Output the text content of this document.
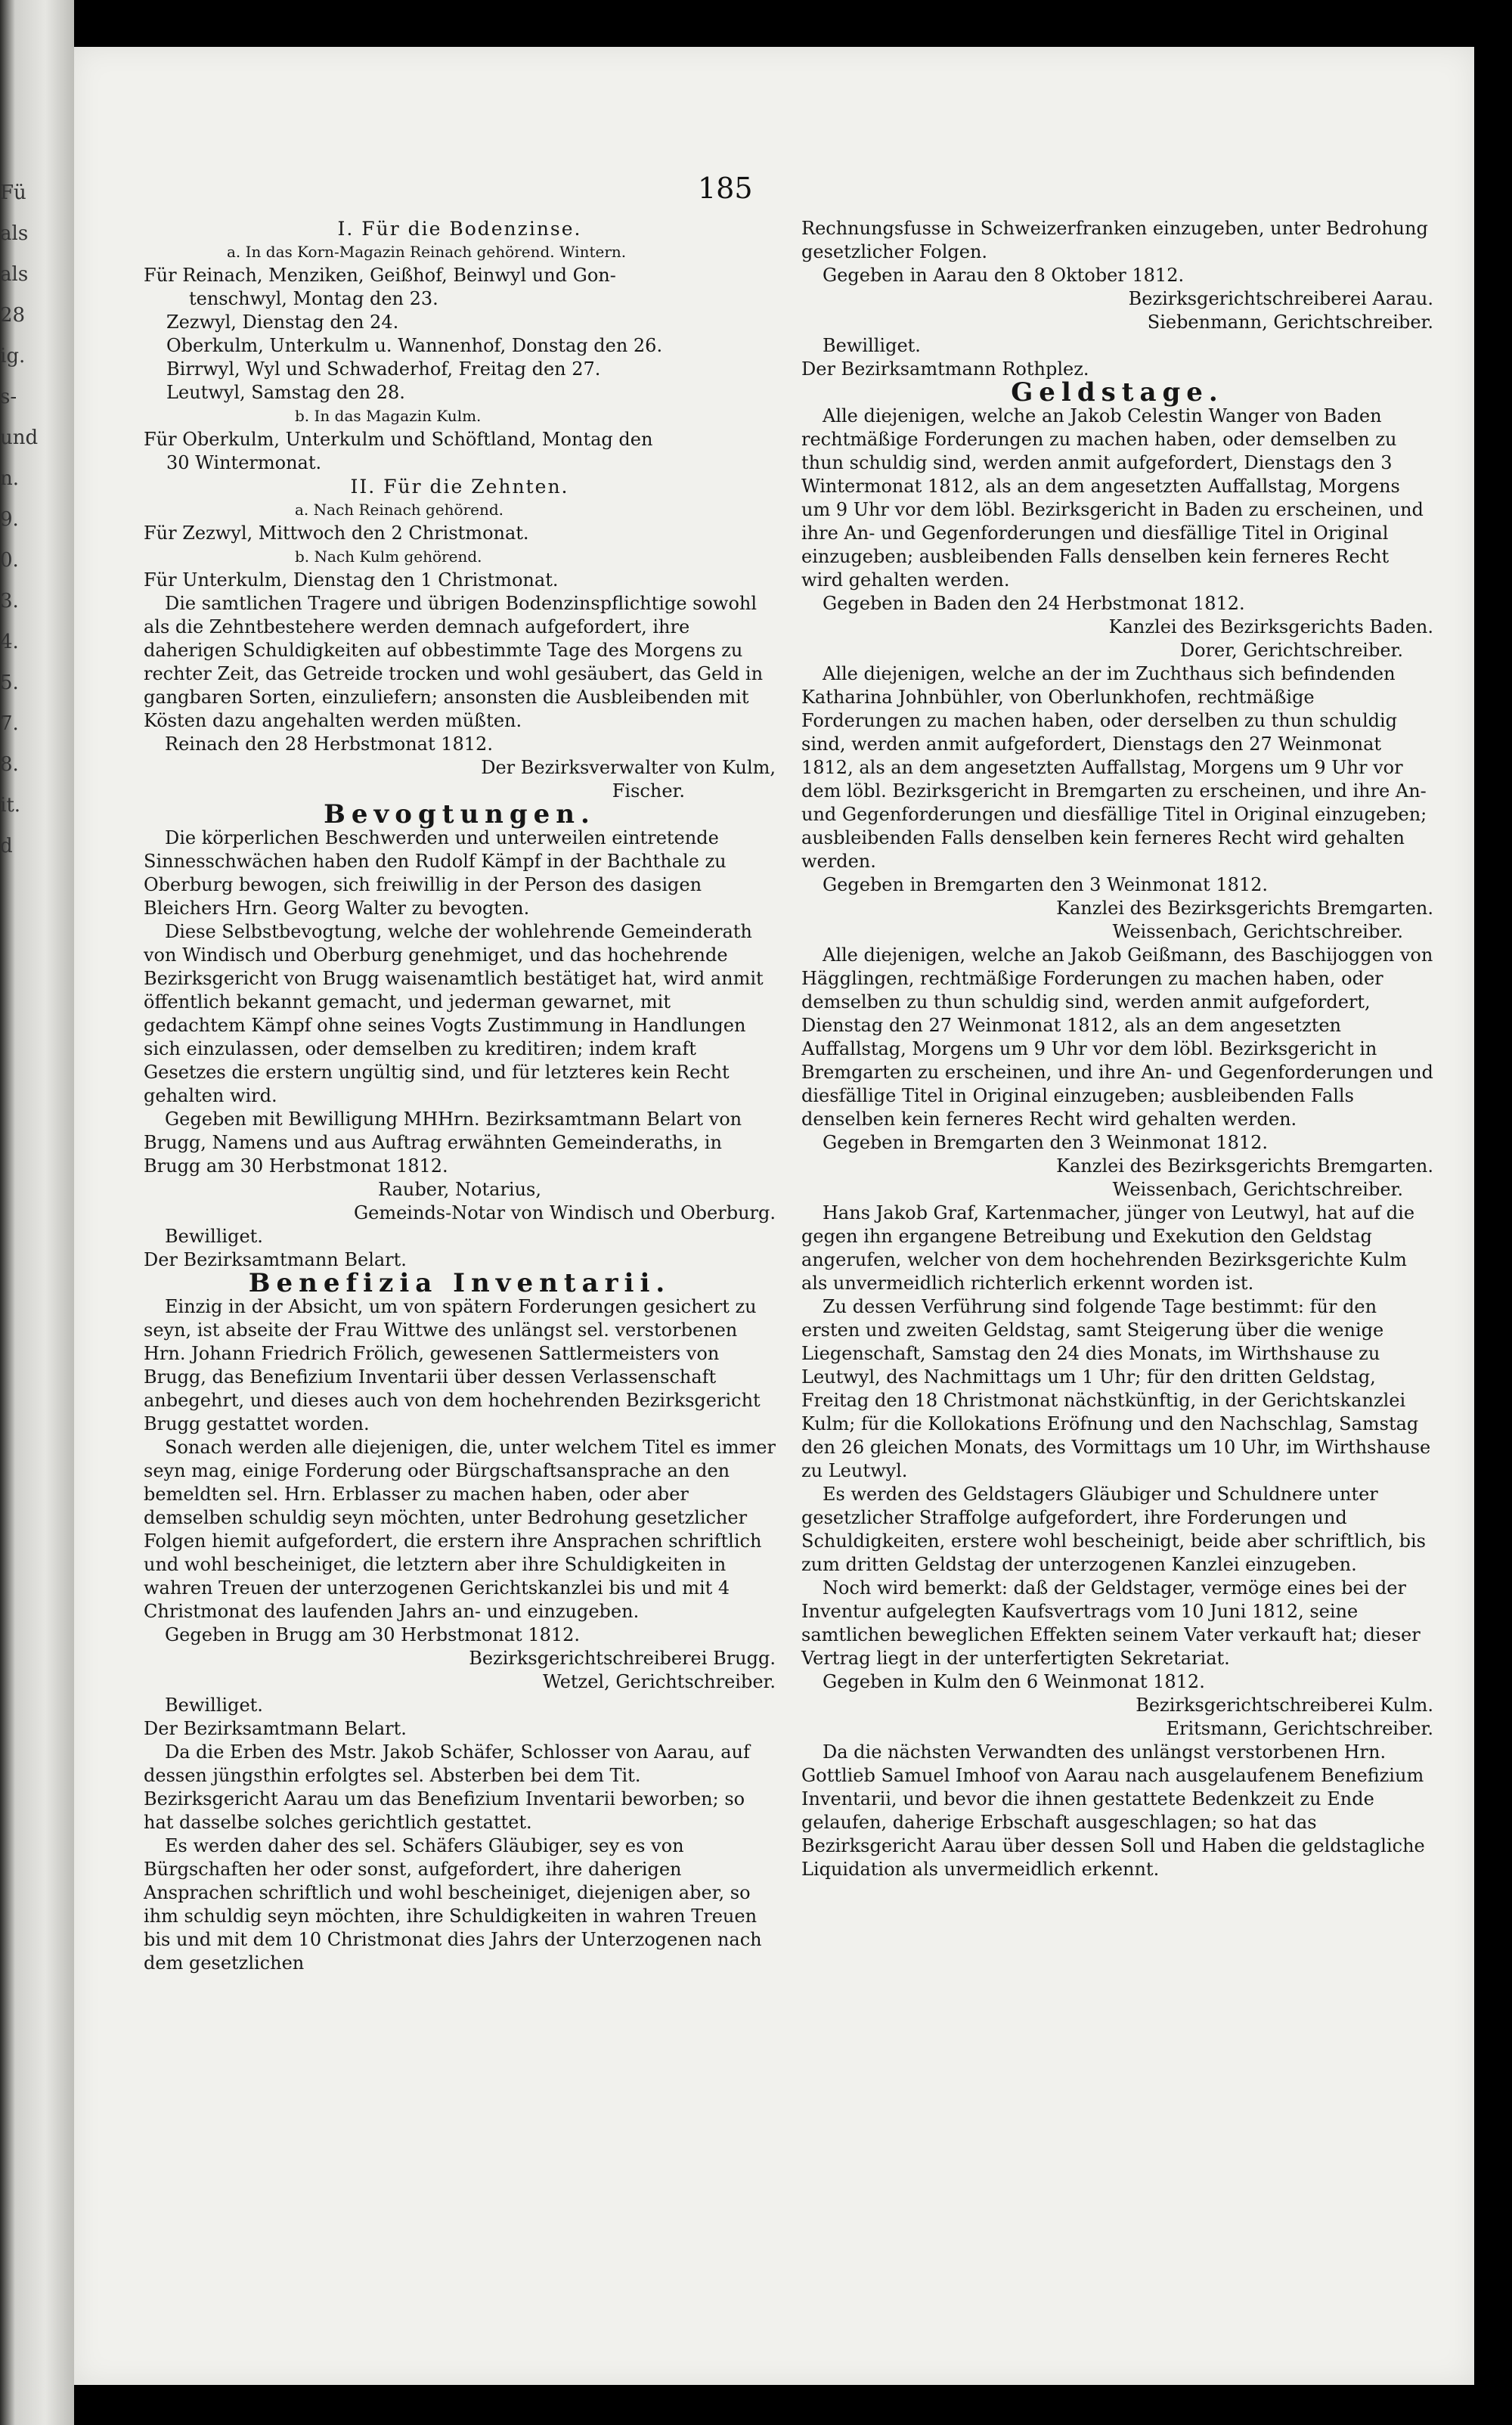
Fü
als
als
28
ig.
s-
und
n.
9.
0.
3.
4.
5.
7.
8.
it.
d
185
I. Für die Bodenzinse.
a. In das Korn-Magazin Reinach gehörend. Wintern.
Für Reinach, Menziken, Geißhof, Beinwyl und Gon-
tenschwyl, Montag den 23.
Zezwyl, Dienstag den 24.
Oberkulm, Unterkulm u. Wannenhof, Donstag den 26.
Birrwyl, Wyl und Schwaderhof, Freitag den 27.
Leutwyl, Samstag den 28.
b. In das Magazin Kulm.
Für Oberkulm, Unterkulm und Schöftland, Montag den
30 Wintermonat.
II. Für die Zehnten.
a. Nach Reinach gehörend.
Für Zezwyl, Mittwoch den 2 Christmonat.
b. Nach Kulm gehörend.
Für Unterkulm, Dienstag den 1 Christmonat.
Die samtlichen Tragere und übrigen Bodenzinspflichtige sowohl als die Zehntbestehere werden demnach aufgefordert, ihre daherigen Schuldigkeiten auf obbestimmte Tage des Morgens zu rechter Zeit, das Getreide trocken und wohl gesäubert, das Geld in gangbaren Sorten, einzuliefern; ansonsten die Ausbleibenden mit Kösten dazu angehalten werden müßten.
Reinach den 28 Herbstmonat 1812.
Der Bezirksverwalter von Kulm,
Fischer.
Bevogtungen.
Die körperlichen Beschwerden und unterweilen eintretende Sinnesschwächen haben den Rudolf Kämpf in der Bachthale zu Oberburg bewogen, sich freiwillig in der Person des dasigen Bleichers Hrn. Georg Walter zu bevogten.
Diese Selbstbevogtung, welche der wohlehrende Gemeinderath von Windisch und Oberburg genehmiget, und das hochehrende Bezirksgericht von Brugg waisenamtlich bestätiget hat, wird anmit öffentlich bekannt gemacht, und jederman gewarnet, mit gedachtem Kämpf ohne seines Vogts Zustimmung in Handlungen sich einzulassen, oder demselben zu kreditiren; indem kraft Gesetzes die erstern ungültig sind, und für letzteres kein Recht gehalten wird.
Gegeben mit Bewilligung MHHrn. Bezirksamtmann Belart von Brugg, Namens und aus Auftrag erwähnten Gemeinderaths, in Brugg am 30 Herbstmonat 1812.
Rauber, Notarius,
Gemeinds-Notar von Windisch und Oberburg.
Bewilliget.
Der Bezirksamtmann Belart.
Benefizia Inventarii.
Einzig in der Absicht, um von spätern Forderungen gesichert zu seyn, ist abseite der Frau Wittwe des unlängst sel. verstorbenen Hrn. Johann Friedrich Frölich, gewesenen Sattlermeisters von Brugg, das Benefizium Inventarii über dessen Verlassenschaft anbegehrt, und dieses auch von dem hochehrenden Bezirksgericht Brugg gestattet worden.
Sonach werden alle diejenigen, die, unter welchem Titel es immer seyn mag, einige Forderung oder Bürgschaftsansprache an den bemeldten sel. Hrn. Erblasser zu machen haben, oder aber demselben schuldig seyn möchten, unter Bedrohung gesetzlicher Folgen hiemit aufgefordert, die erstern ihre Ansprachen schriftlich und wohl bescheiniget, die letztern aber ihre Schuldigkeiten in wahren Treuen der unterzogenen Gerichtskanzlei bis und mit 4 Christmonat des laufenden Jahrs an- und einzugeben.
Gegeben in Brugg am 30 Herbstmonat 1812.
Bezirksgerichtschreiberei Brugg.
Wetzel, Gerichtschreiber.
Bewilliget.
Der Bezirksamtmann Belart.
Da die Erben des Mstr. Jakob Schäfer, Schlosser von Aarau, auf dessen jüngsthin erfolgtes sel. Absterben bei dem Tit. Bezirksgericht Aarau um das Benefizium Inventarii beworben; so hat dasselbe solches gerichtlich gestattet.
Es werden daher des sel. Schäfers Gläubiger, sey es von Bürgschaften her oder sonst, aufgefordert, ihre daherigen Ansprachen schriftlich und wohl bescheiniget, diejenigen aber, so ihm schuldig seyn möchten, ihre Schuldigkeiten in wahren Treuen bis und mit dem 10 Christmonat dies Jahrs der Unterzogenen nach dem gesetzlichen
Rechnungsfusse in Schweizerfranken einzugeben, unter Bedrohung gesetzlicher Folgen.
Gegeben in Aarau den 8 Oktober 1812.
Bezirksgerichtschreiberei Aarau.
Siebenmann, Gerichtschreiber.
Bewilliget.
Der Bezirksamtmann Rothplez.
Geldstage.
Alle diejenigen, welche an Jakob Celestin Wanger von Baden rechtmäßige Forderungen zu machen haben, oder demselben zu thun schuldig sind, werden anmit aufgefordert, Dienstags den 3 Wintermonat 1812, als an dem angesetzten Auffallstag, Morgens um 9 Uhr vor dem löbl. Bezirksgericht in Baden zu erscheinen, und ihre An- und Gegenforderungen und diesfällige Titel in Original einzugeben; ausbleibenden Falls denselben kein ferneres Recht wird gehalten werden.
Gegeben in Baden den 24 Herbstmonat 1812.
Kanzlei des Bezirksgerichts Baden.
Dorer, Gerichtschreiber.
Alle diejenigen, welche an der im Zuchthaus sich befindenden Katharina Johnbühler, von Oberlunkhofen, rechtmäßige Forderungen zu machen haben, oder derselben zu thun schuldig sind, werden anmit aufgefordert, Dienstags den 27 Weinmonat 1812, als an dem angesetzten Auffallstag, Morgens um 9 Uhr vor dem löbl. Bezirksgericht in Bremgarten zu erscheinen, und ihre An- und Gegenforderungen und diesfällige Titel in Original einzugeben; ausbleibenden Falls denselben kein ferneres Recht wird gehalten werden.
Gegeben in Bremgarten den 3 Weinmonat 1812.
Kanzlei des Bezirksgerichts Bremgarten.
Weissenbach, Gerichtschreiber.
Alle diejenigen, welche an Jakob Geißmann, des Baschijoggen von Hägglingen, rechtmäßige Forderungen zu machen haben, oder demselben zu thun schuldig sind, werden anmit aufgefordert, Dienstag den 27 Weinmonat 1812, als an dem angesetzten Auffallstag, Morgens um 9 Uhr vor dem löbl. Bezirksgericht in Bremgarten zu erscheinen, und ihre An- und Gegenforderungen und diesfällige Titel in Original einzugeben; ausbleibenden Falls denselben kein ferneres Recht wird gehalten werden.
Gegeben in Bremgarten den 3 Weinmonat 1812.
Kanzlei des Bezirksgerichts Bremgarten.
Weissenbach, Gerichtschreiber.
Hans Jakob Graf, Kartenmacher, jünger von Leutwyl, hat auf die gegen ihn ergangene Betreibung und Exekution den Geldstag angerufen, welcher von dem hochehrenden Bezirksgerichte Kulm als unvermeidlich richterlich erkennt worden ist.
Zu dessen Verführung sind folgende Tage bestimmt: für den ersten und zweiten Geldstag, samt Steigerung über die wenige Liegenschaft, Samstag den 24 dies Monats, im Wirthshause zu Leutwyl, des Nachmittags um 1 Uhr; für den dritten Geldstag, Freitag den 18 Christmonat nächstkünftig, in der Gerichtskanzlei Kulm; für die Kollokations Eröfnung und den Nachschlag, Samstag den 26 gleichen Monats, des Vormittags um 10 Uhr, im Wirthshause zu Leutwyl.
Es werden des Geldstagers Gläubiger und Schuldnere unter gesetzlicher Straffolge aufgefordert, ihre Forderungen und Schuldigkeiten, erstere wohl bescheinigt, beide aber schriftlich, bis zum dritten Geldstag der unterzogenen Kanzlei einzugeben.
Noch wird bemerkt: daß der Geldstager, vermöge eines bei der Inventur aufgelegten Kaufsvertrags vom 10 Juni 1812, seine samtlichen beweglichen Effekten seinem Vater verkauft hat; dieser Vertrag liegt in der unterfertigten Sekretariat.
Gegeben in Kulm den 6 Weinmonat 1812.
Bezirksgerichtschreiberei Kulm.
Eritsmann, Gerichtschreiber.
Da die nächsten Verwandten des unlängst verstorbenen Hrn. Gottlieb Samuel Imhoof von Aarau nach ausgelaufenem Benefizium Inventarii, und bevor die ihnen gestattete Bedenkzeit zu Ende gelaufen, daherige Erbschaft ausgeschlagen; so hat das Bezirksgericht Aarau über dessen Soll und Haben die geldstagliche Liquidation als unvermeidlich erkennt.
